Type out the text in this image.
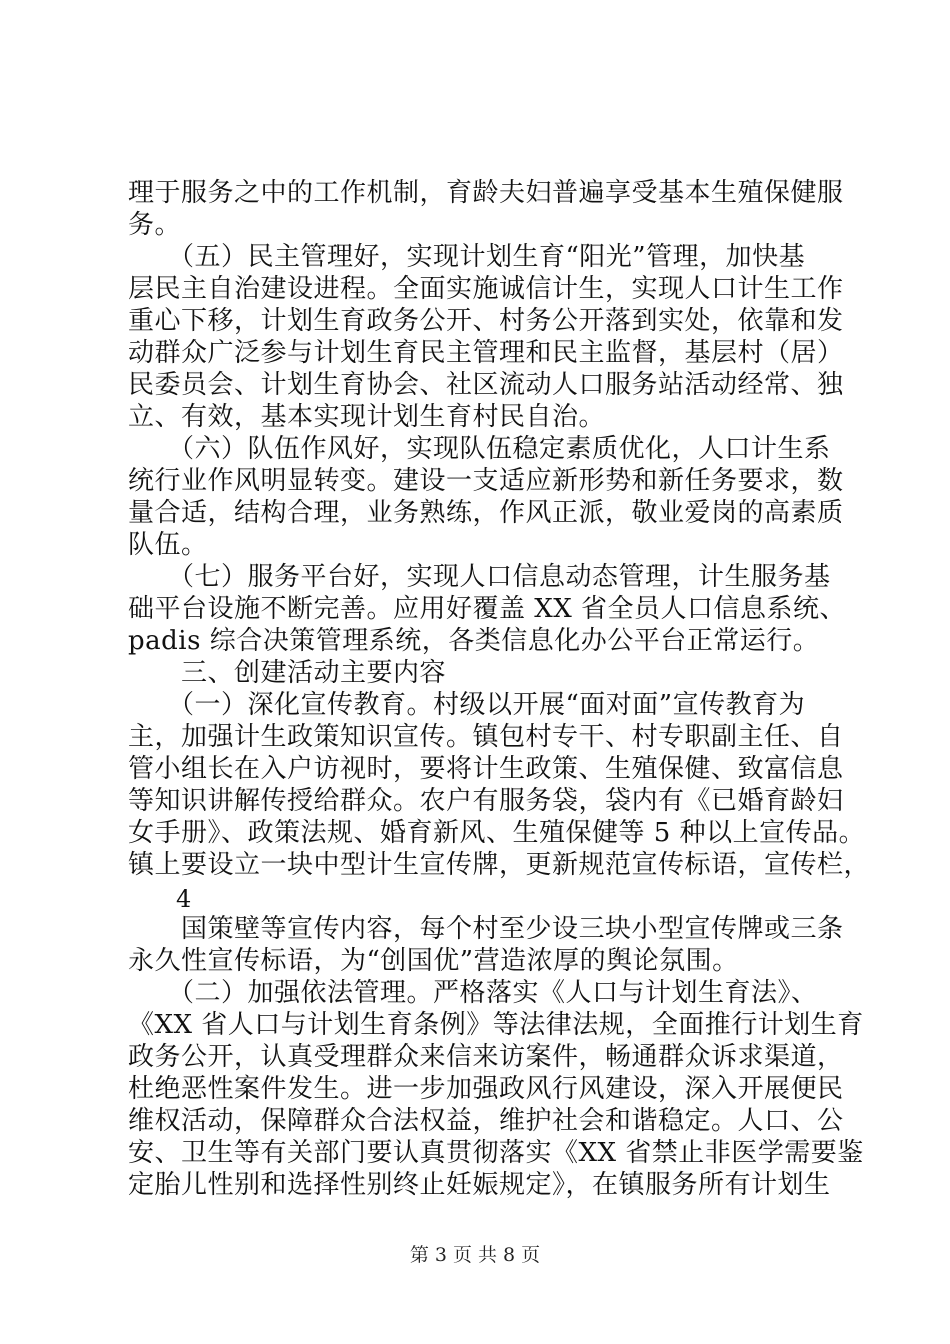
理于服务之中的工作机制，育龄夫妇普遍享受基本生殖保健服
务。
　　（五）民主管理好，实现计划生育“阳光”管理，加快基
层民主自治建设进程。全面实施诚信计生，实现人口计生工作
重心下移，计划生育政务公开、村务公开落到实处，依靠和发
动群众广泛参与计划生育民主管理和民主监督，基层村（居）
民委员会、计划生育协会、社区流动人口服务站活动经常、独
立、有效，基本实现计划生育村民自治。
　　（六）队伍作风好，实现队伍稳定素质优化，人口计生系
统行业作风明显转变。建设一支适应新形势和新任务要求，数
量合适，结构合理，业务熟练，作风正派，敬业爱岗的高素质
队伍。
　　（七）服务平台好，实现人口信息动态管理，计生服务基
础平台设施不断完善。应用好覆盖 XX 省全员人口信息系统、
padis 综合决策管理系统，各类信息化办公平台正常运行。
　　三、创建活动主要内容
　　（一）深化宣传教育。村级以开展“面对面”宣传教育为
主，加强计生政策知识宣传。镇包村专干、村专职副主任、自
管小组长在入户访视时，要将计生政策、生殖保健、致富信息
等知识讲解传授给群众。农户有服务袋，袋内有《已婚育龄妇
女手册》、政策法规、婚育新风、生殖保健等 5 种以上宣传品。
镇上要设立一块中型计生宣传牌，更新规范宣传标语，宣传栏，
4
　　国策壁等宣传内容，每个村至少设三块小型宣传牌或三条
永久性宣传标语，为“创国优”营造浓厚的舆论氛围。
　　（二）加强依法管理。严格落实《人口与计划生育法》、
《XX 省人口与计划生育条例》等法律法规，全面推行计划生育
政务公开，认真受理群众来信来访案件，畅通群众诉求渠道，
杜绝恶性案件发生。进一步加强政风行风建设，深入开展便民
维权活动，保障群众合法权益，维护社会和谐稳定。人口、公
安、卫生等有关部门要认真贯彻落实《XX 省禁止非医学需要鉴
定胎儿性别和选择性别终止妊娠规定》，在镇服务所有计划生
第 3 页 共 8 页
